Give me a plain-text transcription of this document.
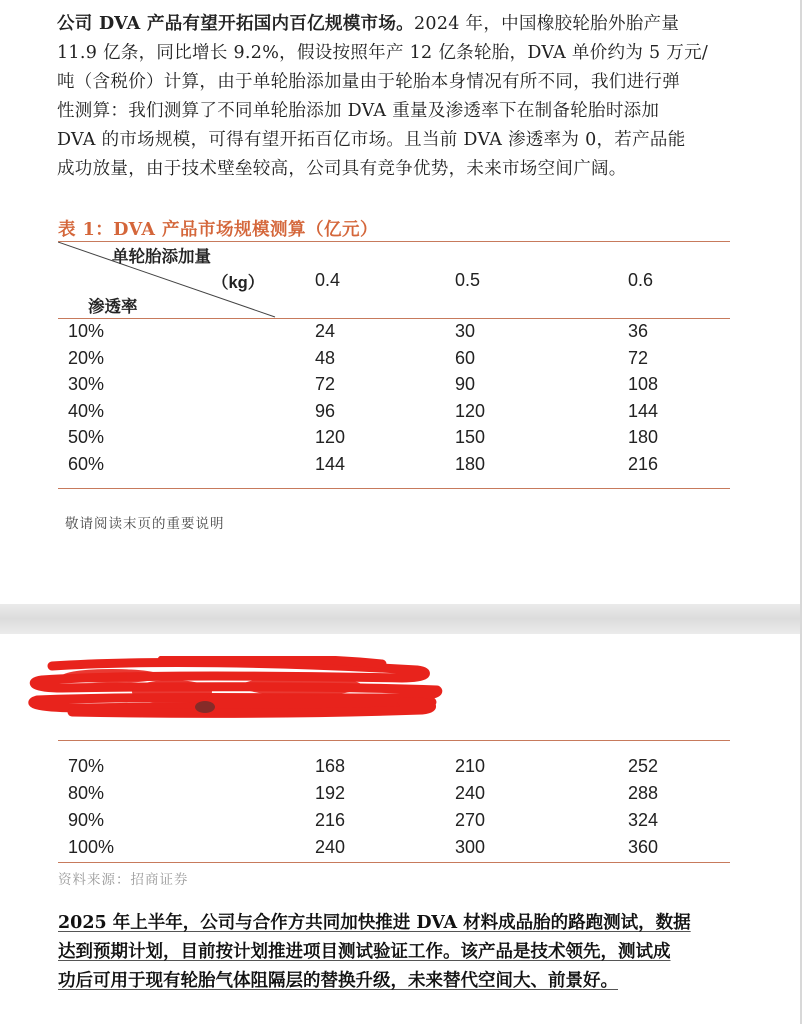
公司 DVA 产品有望开拓国内百亿规模市场。2024 年，中国橡胶轮胎外胎产量
11.9 亿条，同比增长 9.2%，假设按照年产 12 亿条轮胎，DVA 单价约为 5 万元/
吨（含税价）计算，由于单轮胎添加量由于轮胎本身情况有所不同，我们进行弹
性测算：我们测算了不同单轮胎添加 DVA 重量及渗透率下在制备轮胎时添加
DVA 的市场规模，可得有望开拓百亿市场。且当前 DVA 渗透率为 0，若产品能
成功放量，由于技术壁垒较高，公司具有竞争优势，未来市场空间广阔。
表 1：DVA 产品市场规模测算（亿元）
单轮胎添加量
（kg）
渗透率
0.4	0.5	0.6
10%	24	30	36
20%	48	60	72
30%	72	90	108
40%	96	120	144
50%	120	150	180
60%	144	180	216
敬请阅读末页的重要说明
70%	168	210	252
80%	192	240	288
90%	216	270	324
100%	240	300	360
资料来源：招商证券
2025 年上半年，公司与合作方共同加快推进 DVA 材料成品胎的路跑测试，数据
达到预期计划，目前按计划推进项目测试验证工作。该产品是技术领先，测试成
功后可用于现有轮胎气体阻隔层的替换升级，未来替代空间大、前景好。
